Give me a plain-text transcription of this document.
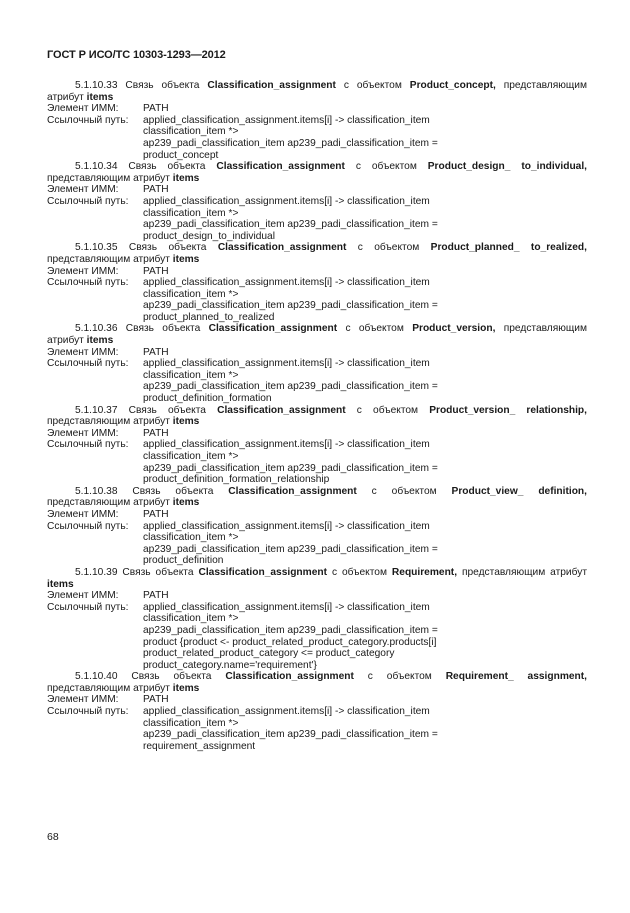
ГОСТ Р ИСО/ТС 10303-1293—2012
5.1.10.33 Связь объекта Classification_assignment с объектом Product_concept, представляющим атрибут items
Элемент ИММ:	PATH
Ссылочный путь:	applied_classification_assignment.items[i] -> classification_item
classification_item *>
ap239_padi_classification_item ap239_padi_classification_item =
product_concept
5.1.10.34 Связь объекта Classification_assignment с объектом Product_design_ to_individual, представляющим атрибут items
Элемент ИММ:	PATH
Ссылочный путь:	applied_classification_assignment.items[i] -> classification_item
classification_item *>
ap239_padi_classification_item ap239_padi_classification_item =
product_design_to_individual
5.1.10.35 Связь объекта Classification_assignment с объектом Product_planned_ to_realized, представляющим атрибут items
Элемент ИММ:	PATH
Ссылочный путь:	applied_classification_assignment.items[i] -> classification_item
classification_item *>
ap239_padi_classification_item ap239_padi_classification_item =
product_planned_to_realized
5.1.10.36 Связь объекта Classification_assignment с объектом Product_version, представляющим атрибут items
Элемент ИММ:	PATH
Ссылочный путь:	applied_classification_assignment.items[i] -> classification_item
classification_item *>
ap239_padi_classification_item ap239_padi_classification_item =
product_definition_formation
5.1.10.37 Связь объекта Classification_assignment с объектом Product_version_ relationship, представляющим атрибут items
Элемент ИММ:	PATH
Ссылочный путь:	applied_classification_assignment.items[i] -> classification_item
classification_item *>
ap239_padi_classification_item ap239_padi_classification_item =
product_definition_formation_relationship
5.1.10.38 Связь объекта Classification_assignment с объектом Product_view_ definition, представляющим атрибут items
Элемент ИММ:	PATH
Ссылочный путь:	applied_classification_assignment.items[i] -> classification_item
classification_item *>
ap239_padi_classification_item ap239_padi_classification_item =
product_definition
5.1.10.39 Связь объекта Classification_assignment с объектом Requirement, представляющим атрибут items
Элемент ИММ:	PATH
Ссылочный путь:	applied_classification_assignment.items[i] -> classification_item
classification_item *>
ap239_padi_classification_item ap239_padi_classification_item =
product {product <- product_related_product_category.products[i]
product_related_product_category <= product_category
product_category.name='requirement'}
5.1.10.40 Связь объекта Classification_assignment с объектом Requirement_ assignment, представляющим атрибут items
Элемент ИММ:	PATH
Ссылочный путь:	applied_classification_assignment.items[i] -> classification_item
classification_item *>
ap239_padi_classification_item ap239_padi_classification_item =
requirement_assignment
68
